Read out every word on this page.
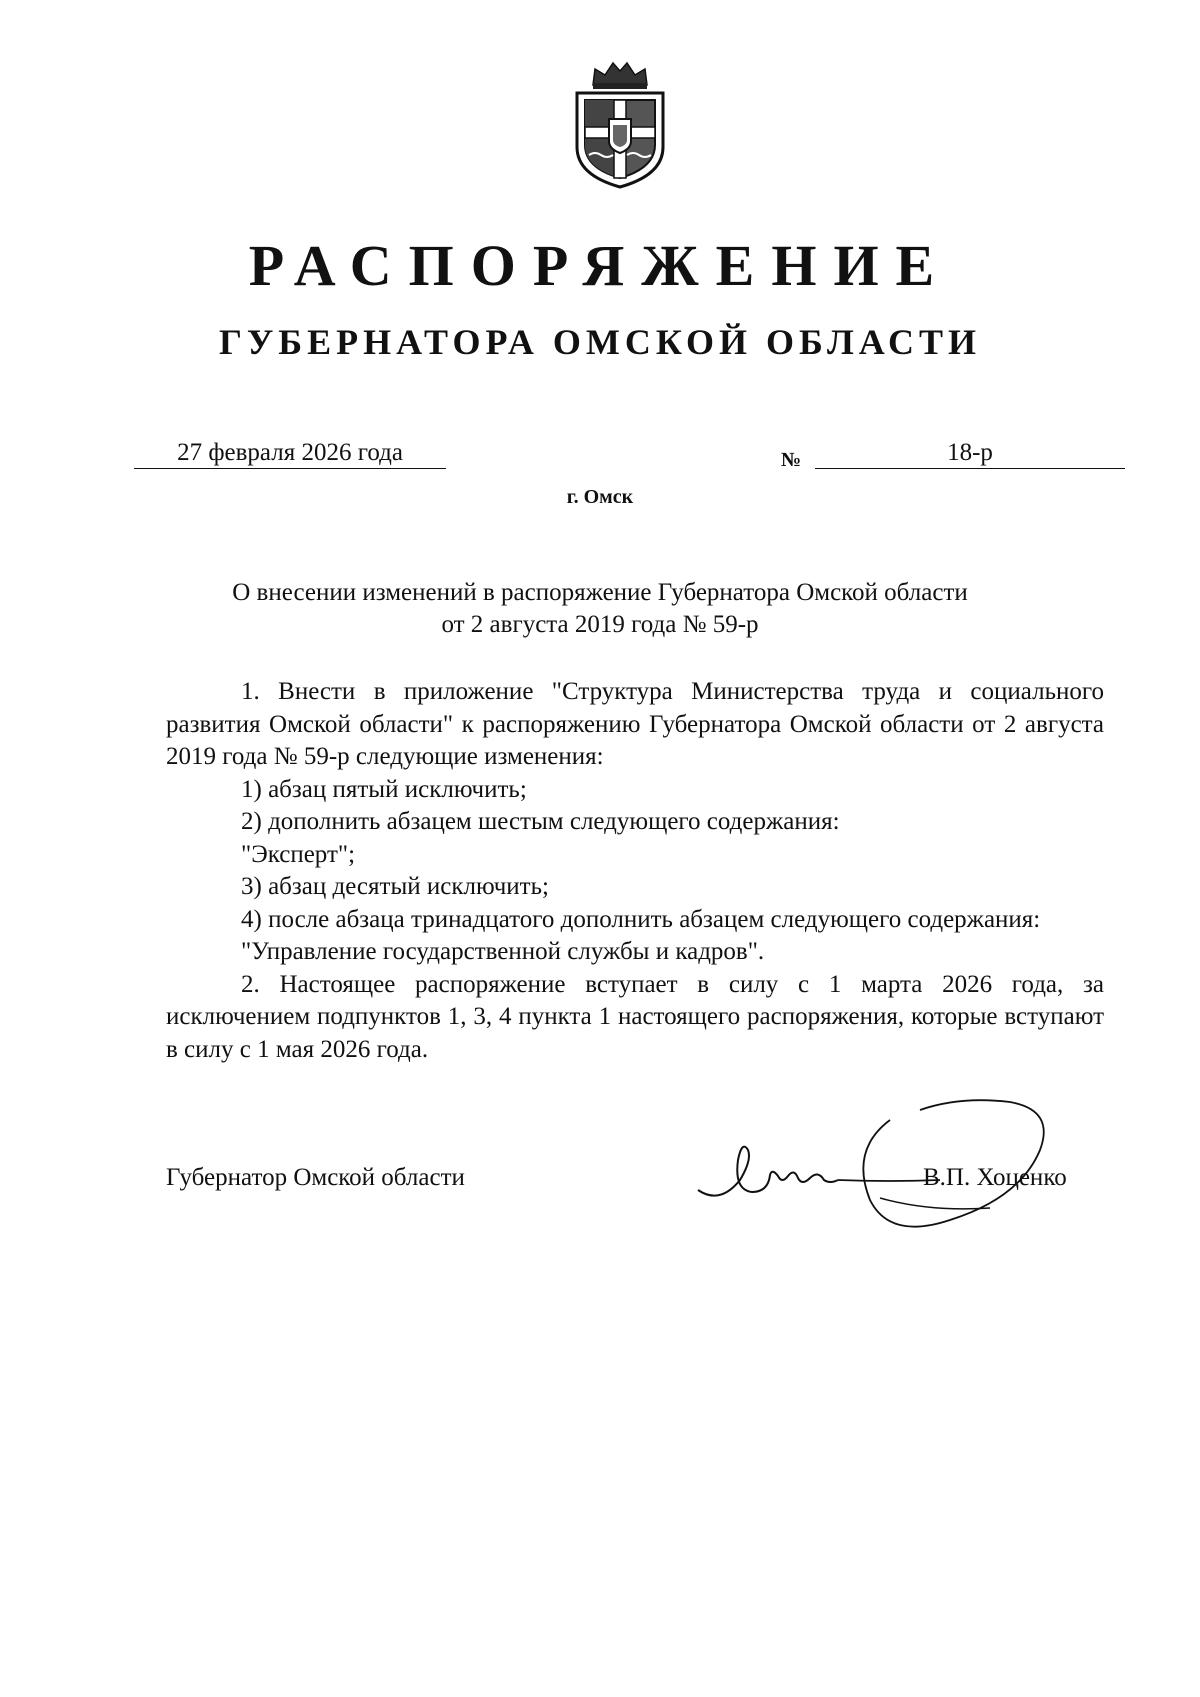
РАСПОРЯЖЕНИЕ
ГУБЕРНАТОРА ОМСКОЙ ОБЛАСТИ
27 февраля 2026 года	№	18-р
г. Омск
О внесении изменений в распоряжение Губернатора Омской области
от 2 августа 2019 года № 59-р

1. Внести в приложение "Структура Министерства труда и социального развития Омской области" к распоряжению Губернатора Омской области от 2 августа 2019 года № 59-р следующие изменения:

1) абзац пятый исключить;

2) дополнить абзацем шестым следующего содержания:

"Эксперт";

3) абзац десятый исключить;

4) после абзаца тринадцатого дополнить абзацем следующего содержания:

"Управление государственной службы и кадров".

2. Настоящее распоряжение вступает в силу с 1 марта 2026 года, за исключением подпунктов 1, 3, 4 пункта 1 настоящего распоряжения, которые вступают в силу с 1 мая 2026 года.

Губернатор Омской области	В.П. Хоценко
